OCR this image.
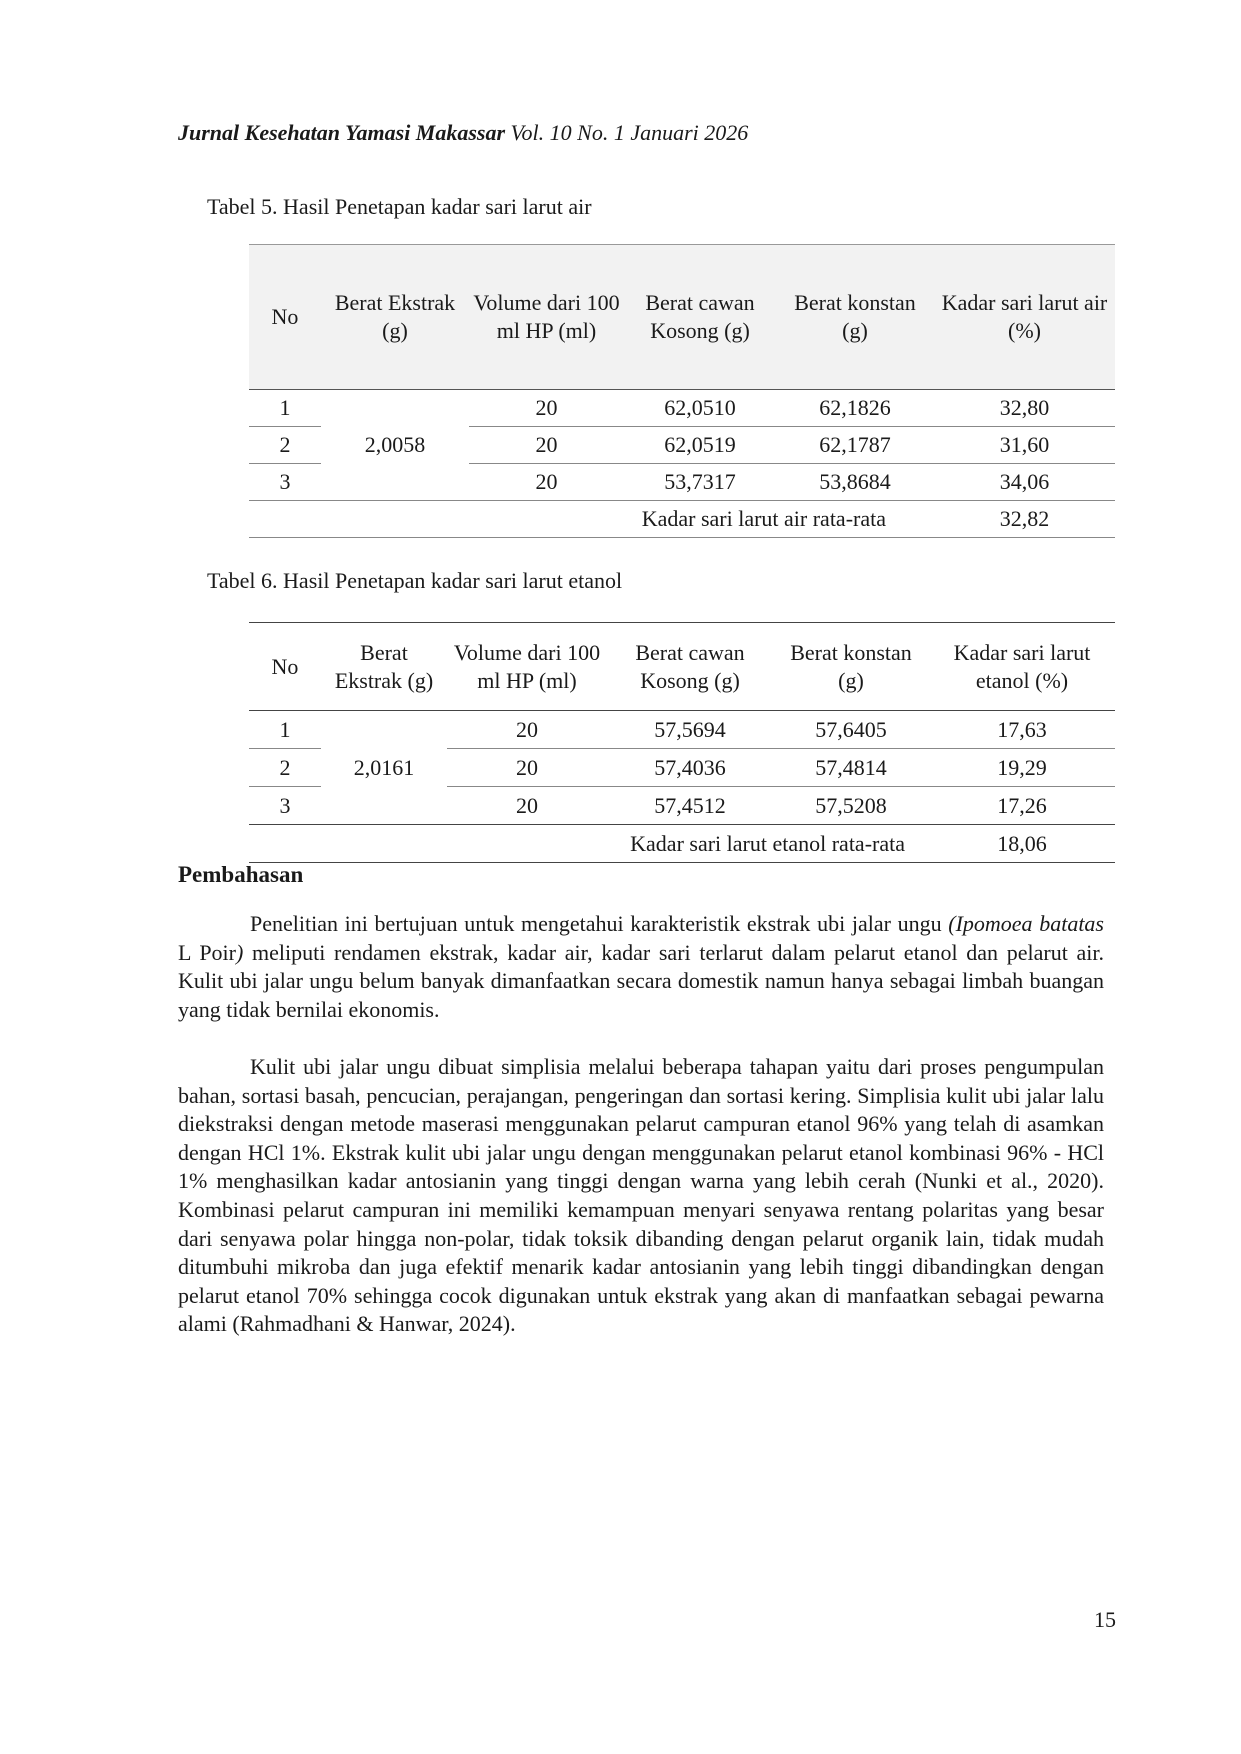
Jurnal Kesehatan Yamasi Makassar Vol. 10 No. 1 Januari 2026
Tabel 5. Hasil Penetapan kadar sari larut air
No	Berat Ekstrak (g)	Volume dari 100 ml HP (ml)	Berat cawan Kosong (g)	Berat konstan (g)	Kadar sari larut air (%)
1	2,0058	20	62,0510	62,1826	32,80
2		20	62,0519	62,1787	31,60
3		20	53,7317	53,8684	34,06
Kadar sari larut air rata-rata					32,82
Tabel 6. Hasil Penetapan kadar sari larut etanol
No	Berat Ekstrak (g)	Volume dari 100 ml HP (ml)	Berat cawan Kosong (g)	Berat konstan (g)	Kadar sari larut etanol (%)
1	2,0161	20	57,5694	57,6405	17,63
2		20	57,4036	57,4814	19,29
3		20	57,4512	57,5208	17,26
Kadar sari larut etanol rata-rata					18,06
Pembahasan

Penelitian ini bertujuan untuk mengetahui karakteristik ekstrak ubi jalar ungu (Ipomoea batatas L Poir) meliputi rendamen ekstrak, kadar air, kadar sari terlarut dalam pelarut etanol dan pelarut air. Kulit ubi jalar ungu belum banyak dimanfaatkan secara domestik namun hanya sebagai limbah buangan yang tidak bernilai ekonomis.

Kulit ubi jalar ungu dibuat simplisia melalui beberapa tahapan yaitu dari proses pengumpulan bahan, sortasi basah, pencucian, perajangan, pengeringan dan sortasi kering. Simplisia kulit ubi jalar lalu diekstraksi dengan metode maserasi menggunakan pelarut campuran etanol 96% yang telah di asamkan dengan HCl 1%. Ekstrak kulit ubi jalar ungu dengan menggunakan pelarut etanol kombinasi 96% - HCl 1% menghasilkan kadar antosianin yang tinggi dengan warna yang lebih cerah (Nunki et al., 2020). Kombinasi pelarut campuran ini memiliki kemampuan menyari senyawa rentang polaritas yang besar dari senyawa polar hingga non-polar, tidak toksik dibanding dengan pelarut organik lain, tidak mudah ditumbuhi mikroba dan juga efektif menarik kadar antosianin yang lebih tinggi dibandingkan dengan pelarut etanol 70% sehingga cocok digunakan untuk ekstrak yang akan di manfaatkan sebagai pewarna alami (Rahmadhani & Hanwar, 2024).

15
